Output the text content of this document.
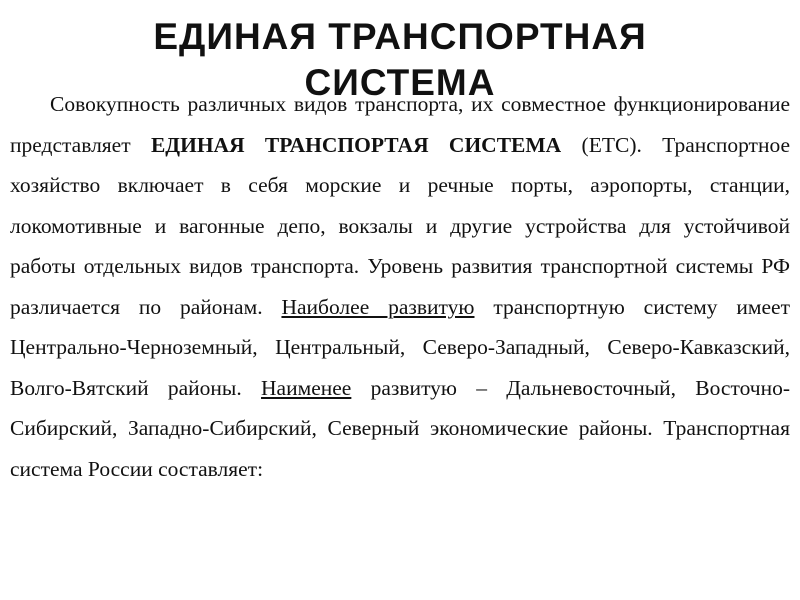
ЕДИНАЯ ТРАНСПОРТНАЯ
СИСТЕМА

Совокупность различных видов транспорта, их совместное функционирование представляет ЕДИНАЯ ТРАНСПОРТАЯ СИСТЕМА (ЕТС). Транспортное хозяйство включает в себя морские и речные порты, аэропорты, станции, локомотивные и вагонные депо, вокзалы и другие устройства для устойчивой работы отдельных видов транспорта. Уровень развития транспортной системы РФ различается по районам. Наиболее развитую транспортную систему имеет Центрально-Черноземный, Центральный, Северо-Западный, Северо-Кавказский, Волго-Вятский районы. Наименее развитую – Дальневосточный, Восточно-Сибирский, Западно-Сибирский, Северный экономические районы. Транспортная система России составляет:
